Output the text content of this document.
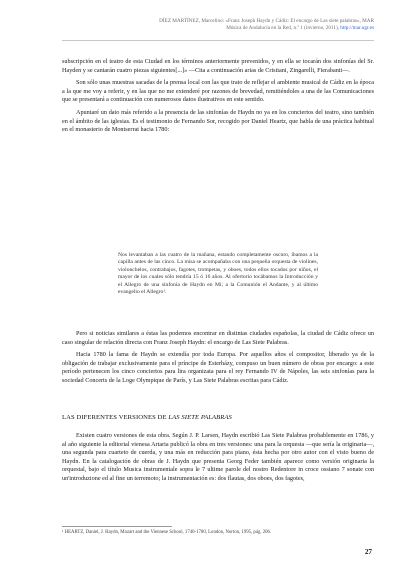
DÍEZ MARTÍNEZ, Marcelino: «Franz Joseph Haydn y Cádiz: El encargo de Las siete palabras», MAR
Música de Andalucía en la Red, n.º 1 (invierno, 2011), http://mar.ugr.es

subscripción en el teatro de esta Ciudad en los términos anteriormente prevenidos, y en ella se tocarán dos sinfonías del Sr. Hayden y se cantarán cuatro piezas siguientes[...]» —Cita a continuación arias de Cristiani, Zingarelli, Fierabanti—.

Son sólo unas muestras sacadas de la prensa local con las que trato de reflejar el ambiente musical de Cádiz en la época a la que me voy a referir, y en las que no me extenderé por razones de brevedad, remitiéndoles a una de las Comunicaciones que se presentará a continuación con numerosos datos ilustrativos en este sentido.

Apuntaré un dato más referido a la presencia de las sinfonías de Haydn no ya en los conciertos del teatro, sino también en el ámbito de las iglesias. Es el testimonio de Fernando Sor, recogido por Daniel Heartz, que habla de una práctica habitual en el monasterio de Montserrat hacia 1780:

Nos levantaban a las cuatro de la mañana, estando completamente oscuro, íbamos a la capilla antes de las cinco. La misa se acompañaba con una pequeña orquesta de violines, violonchelos, contrabajos, fagotes, trompetas, y oboes, todos ellos tocados por niños, el mayor de los cuales sólo tendría 15 ó 16 años. Al ofertorio tocábamos la Introducción y el Allegro de una sinfonía de Haydn en Mi; a la Comunión el Andante, y al último evangelio el Allegro¹.

Pero si noticias similares a éstas las podemos encontrar en distintas ciudades españolas, la ciudad de Cádiz ofrece un caso singular de relación directa con Franz Joseph Haydn: el encargo de Las Siete Palabras.

Hacia 1780 la fama de Haydn se extendía por toda Europa. Por aquellos años el compositor, liberado ya de la obligación de trabajar exclusivamente para el príncipe de Esterházy, compuso un buen número de obras por encargo: a este período pertenecen los cinco conciertos para lira organizata para el rey Fernando IV de Nápoles, las seis sinfonías para la sociedad Concerts de la Loge Olympique de París, y Las Siete Palabras escritas para Cádiz.

LAS DIFERENTES VERSIONES DE LAS SIETE PALABRAS

Existen cuatro versiones de esta obra. Según J. P. Larsen, Haydn escribió Las Siete Palabras probablemente en 1786, y al año siguiente la editorial vienesa Artaria publicó la obra en tres versiones: una para la orquesta —que sería la originaria—, una segunda para cuarteto de cuerda, y una más en reducción para piano, ésta hecha por otro autor con el visto bueno de Haydn. En la catalogación de obras de J. Haydn que presenta Georg Feder también aparece como versión originaria la orquestal, bajo el título Musica instrumentale sopra le 7 ultime parole del nostro Redentore in croce ossiano 7 sonate con un'introduzione ed al fine un terremoto; la instrumentación es: dos flautas, dos oboes, dos fagotes,

¹ HEARTZ, Daniel, J. Haydn, Mozart and the Viennese School, 1740-1780, London, Norton, 1995, pág. 206.
27
